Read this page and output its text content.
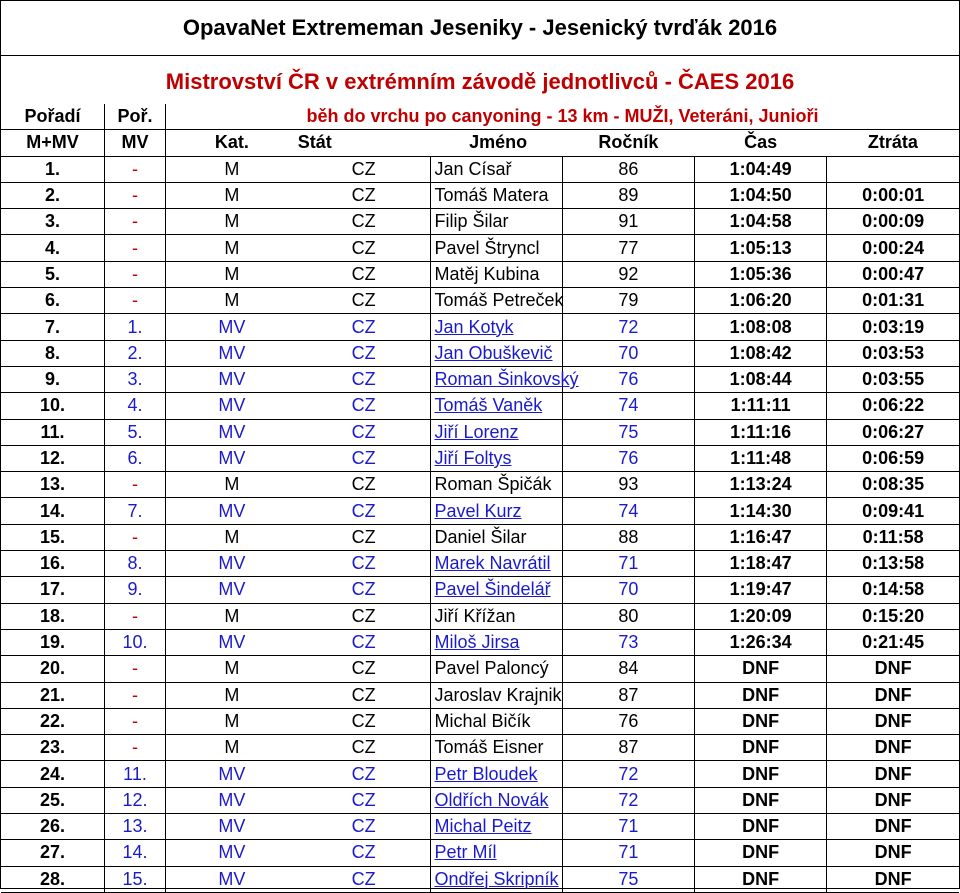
OpavaNet Extrememan Jeseniky - Jesenický tvrďák 2016
Mistrovství ČR v extrémním závodě jednotlivců - ČAES 2016
Pořadí	Poř.	běh do vrchu po canyoning - 13 km - MUŽI, Veteráni, Junioři					
M+MV	MV	Kat.	Stát	Jméno	Ročník	Čas	Ztráta
1.	-	M	CZ	Jan Císař	86	1:04:49	
2.	-	M	CZ	Tomáš Matera	89	1:04:50	0:00:01
3.	-	M	CZ	Filip Šilar	91	1:04:58	0:00:09
4.	-	M	CZ	Pavel Štryncl	77	1:05:13	0:00:24
5.	-	M	CZ	Matěj Kubina	92	1:05:36	0:00:47
6.	-	M	CZ	Tomáš Petreček	79	1:06:20	0:01:31
7.	1.	MV	CZ	Jan Kotyk	72	1:08:08	0:03:19
8.	2.	MV	CZ	Jan Obuškevič	70	1:08:42	0:03:53
9.	3.	MV	CZ	Roman Šinkovský	76	1:08:44	0:03:55
10.	4.	MV	CZ	Tomáš Vaněk	74	1:11:11	0:06:22
11.	5.	MV	CZ	Jiří Lorenz	75	1:11:16	0:06:27
12.	6.	MV	CZ	Jiří Foltys	76	1:11:48	0:06:59
13.	-	M	CZ	Roman Špičák	93	1:13:24	0:08:35
14.	7.	MV	CZ	Pavel Kurz	74	1:14:30	0:09:41
15.	-	M	CZ	Daniel Šilar	88	1:16:47	0:11:58
16.	8.	MV	CZ	Marek Navrátil	71	1:18:47	0:13:58
17.	9.	MV	CZ	Pavel Šindelář	70	1:19:47	0:14:58
18.	-	M	CZ	Jiří Křížan	80	1:20:09	0:15:20
19.	10.	MV	CZ	Miloš Jirsa	73	1:26:34	0:21:45
20.	-	M	CZ	Pavel Paloncý	84	DNF	DNF
21.	-	M	CZ	Jaroslav Krajnik	87	DNF	DNF
22.	-	M	CZ	Michal Bičík	76	DNF	DNF
23.	-	M	CZ	Tomáš Eisner	87	DNF	DNF
24.	11.	MV	CZ	Petr Bloudek	72	DNF	DNF
25.	12.	MV	CZ	Oldřích Novák	72	DNF	DNF
26.	13.	MV	CZ	Michal Peitz	71	DNF	DNF
27.	14.	MV	CZ	Petr Míl	71	DNF	DNF
28.	15.	MV	CZ	Ondřej Skripník	75	DNF	DNF
